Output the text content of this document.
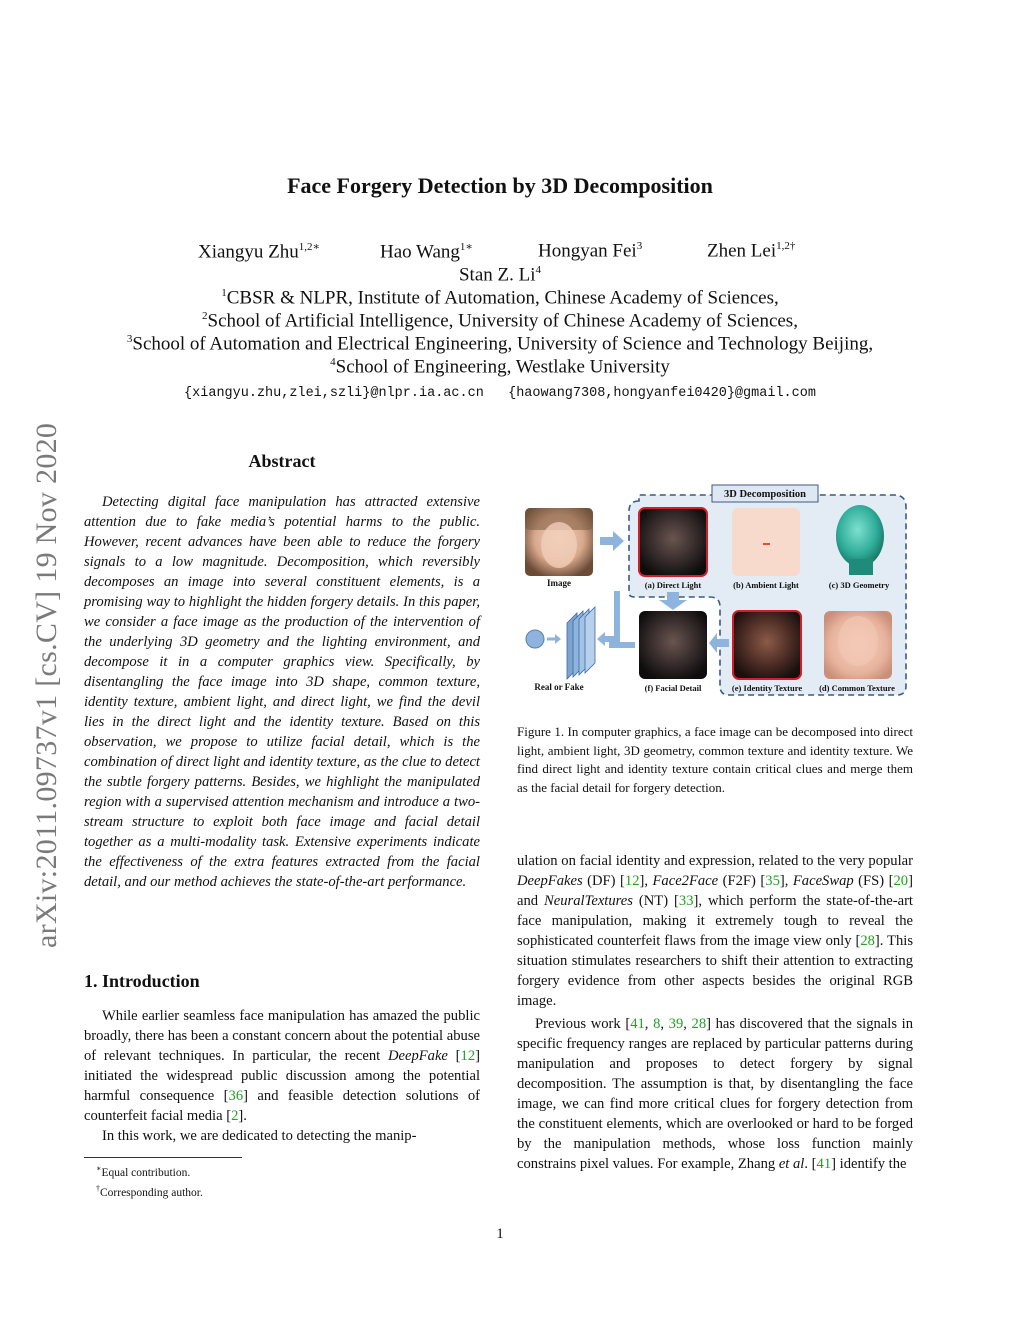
arXiv:2011.09737v1 [cs.CV] 19 Nov 2020
Face Forgery Detection by 3D Decomposition
Xiangyu Zhu$^{1,2∗}$	Hao Wang$^{1∗}$	Hongyan Fei$^3$	Zhen Lei$^{1,2\dagger}$
Stan Z. Li$^4$
$^1$CBSR & NLPR, Institute of Automation, Chinese Academy of Sciences,
$^2$School of Artificial Intelligence, University of Chinese Academy of Sciences,
$^3$School of Automation and Electrical Engineering, University of Science and Technology Beijing,
$^4$School of Engineering, Westlake University
{xiangyu.zhu,zlei,szli}@nlpr.ia.ac.cn   {haowang7308,hongyanfei0420}@gmail.com
Abstract
Detecting digital face manipulation has attracted extensive attention due to fake media’s potential harms to the public. However, recent advances have been able to reduce the forgery signals to a low magnitude. Decomposition, which reversibly decomposes an image into several constituent elements, is a promising way to highlight the hidden forgery details. In this paper, we consider a face image as the production of the intervention of the underlying 3D geometry and the lighting environment, and decompose it in a computer graphics view. Specifically, by disentangling the face image into 3D shape, common texture, identity texture, ambient light, and direct light, we find the devil lies in the direct light and the identity texture. Based on this observation, we propose to utilize facial detail, which is the combination of direct light and identity texture, as the clue to detect the subtle forgery patterns. Besides, we highlight the manipulated region with a supervised attention mechanism and introduce a two-stream structure to exploit both face image and facial detail together as a multi-modality task. Extensive experiments indicate the effectiveness of the extra features extracted from the facial detail, and our method achieves the state-of-the-art performance.
1. Introduction

While earlier seamless face manipulation has amazed the public broadly, there has been a constant concern about the potential abuse of relevant techniques. In particular, the recent DeepFake [12] initiated the widespread public discussion among the potential harmful consequence [36] and feasible detection solutions of counterfeit facial media [2].

In this work, we are dedicated to detecting the manip-

∗Equal contribution.
†Corresponding author.
3D Decomposition
Image	(a) Direct Light	(b) Ambient Light	(c) 3D Geometry
Real or Fake	(f) Facial Detail	(e) Identity Texture (d) Common Texture
Figure 1. In computer graphics, a face image can be decomposed into direct light, ambient light, 3D geometry, common texture and identity texture. We find direct light and identity texture contain critical clues and merge them as the facial detail for forgery detection.

ulation on facial identity and expression, related to the very popular DeepFakes (DF) [12], Face2Face (F2F) [35], FaceSwap (FS) [20] and NeuralTextures (NT) [33], which perform the state-of-the-art face manipulation, making it extremely tough to reveal the sophisticated counterfeit flaws from the image view only [28]. This situation stimulates researchers to shift their attention to extracting forgery evidence from other aspects besides the original RGB image.

Previous work [41, 8, 39, 28] has discovered that the signals in specific frequency ranges are replaced by particular patterns during manipulation and proposes to detect forgery by signal decomposition. The assumption is that, by disentangling the face image, we can find more critical clues for forgery detection from the constituent elements, which are overlooked or hard to be forged by the manipulation methods, whose loss function mainly constrains pixel values. For example, Zhang et al. [41] identify the

1
